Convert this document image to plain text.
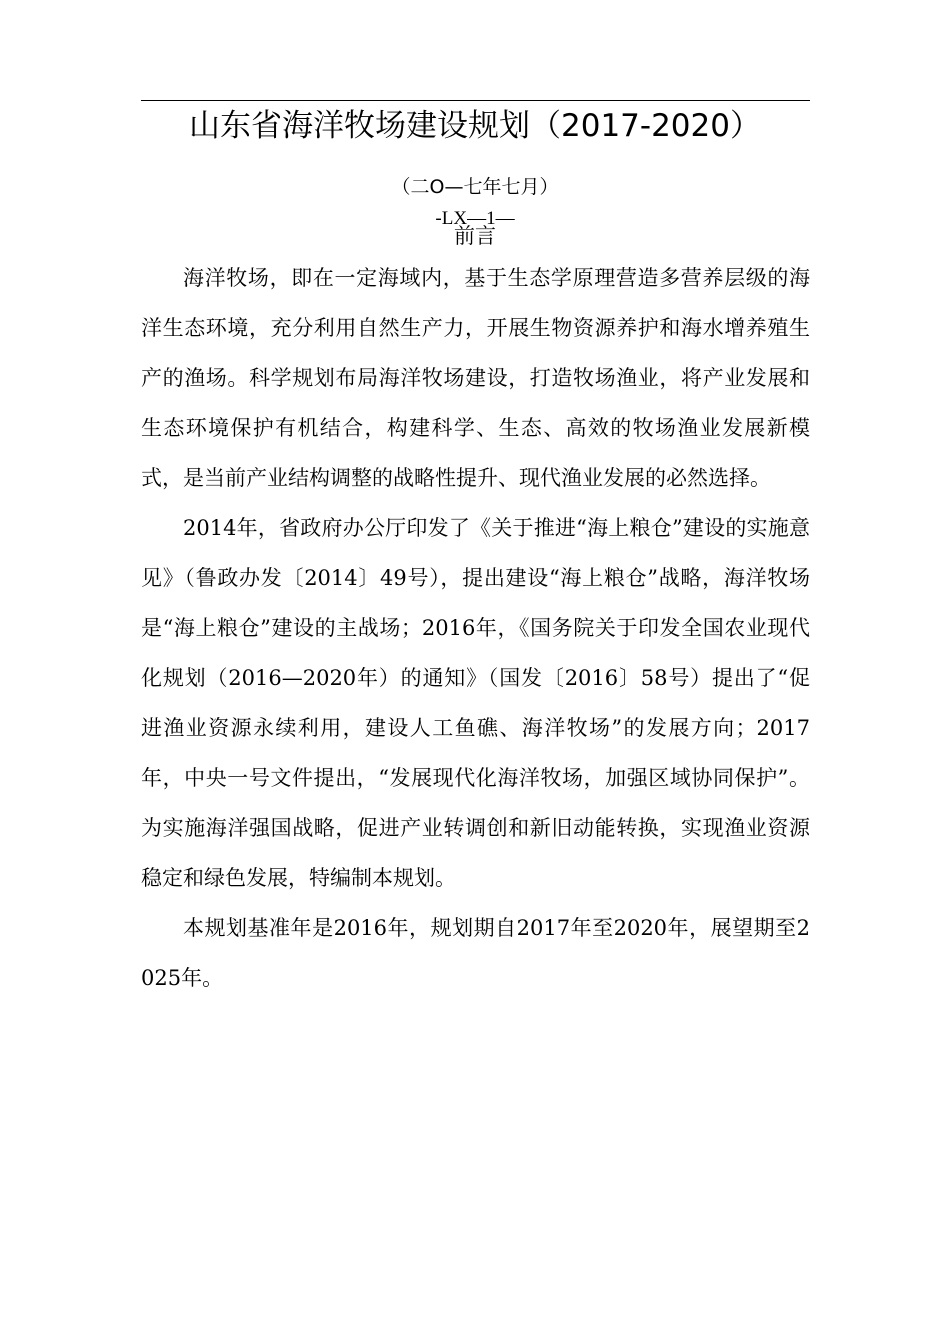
山东省海洋牧场建设规划（2017-2020）
（二O—七年七月）
-LX—1—
前言

海洋牧场，即在一定海域内，基于生态学原理营造多营养层级的海洋生态环境，充分利用自然生产力，开展生物资源养护和海水增养殖生产的渔场。科学规划布局海洋牧场建设，打造牧场渔业，将产业发展和生态环境保护有机结合，构建科学、生态、高效的牧场渔业发展新模式，是当前产业结构调整的战略性提升、现代渔业发展的必然选择。

2014年，省政府办公厅印发了《关于推进“海上粮仓”建设的实施意见》（鲁政办发〔2014〕49号），提出建设“海上粮仓”战略，海洋牧场是“海上粮仓”建设的主战场；2016年，《国务院关于印发全国农业现代化规划（2016—2020年）的通知》（国发〔2016〕58号）提出了“促进渔业资源永续利用，建设人工鱼礁、海洋牧场”的发展方向；2017年，中央一号文件提出，“发展现代化海洋牧场，加强区域协同保护”。为实施海洋强国战略，促进产业转调创和新旧动能转换，实现渔业资源稳定和绿色发展，特编制本规划。

本规划基准年是2016年，规划期自2017年至2020年，展望期至2025年。
